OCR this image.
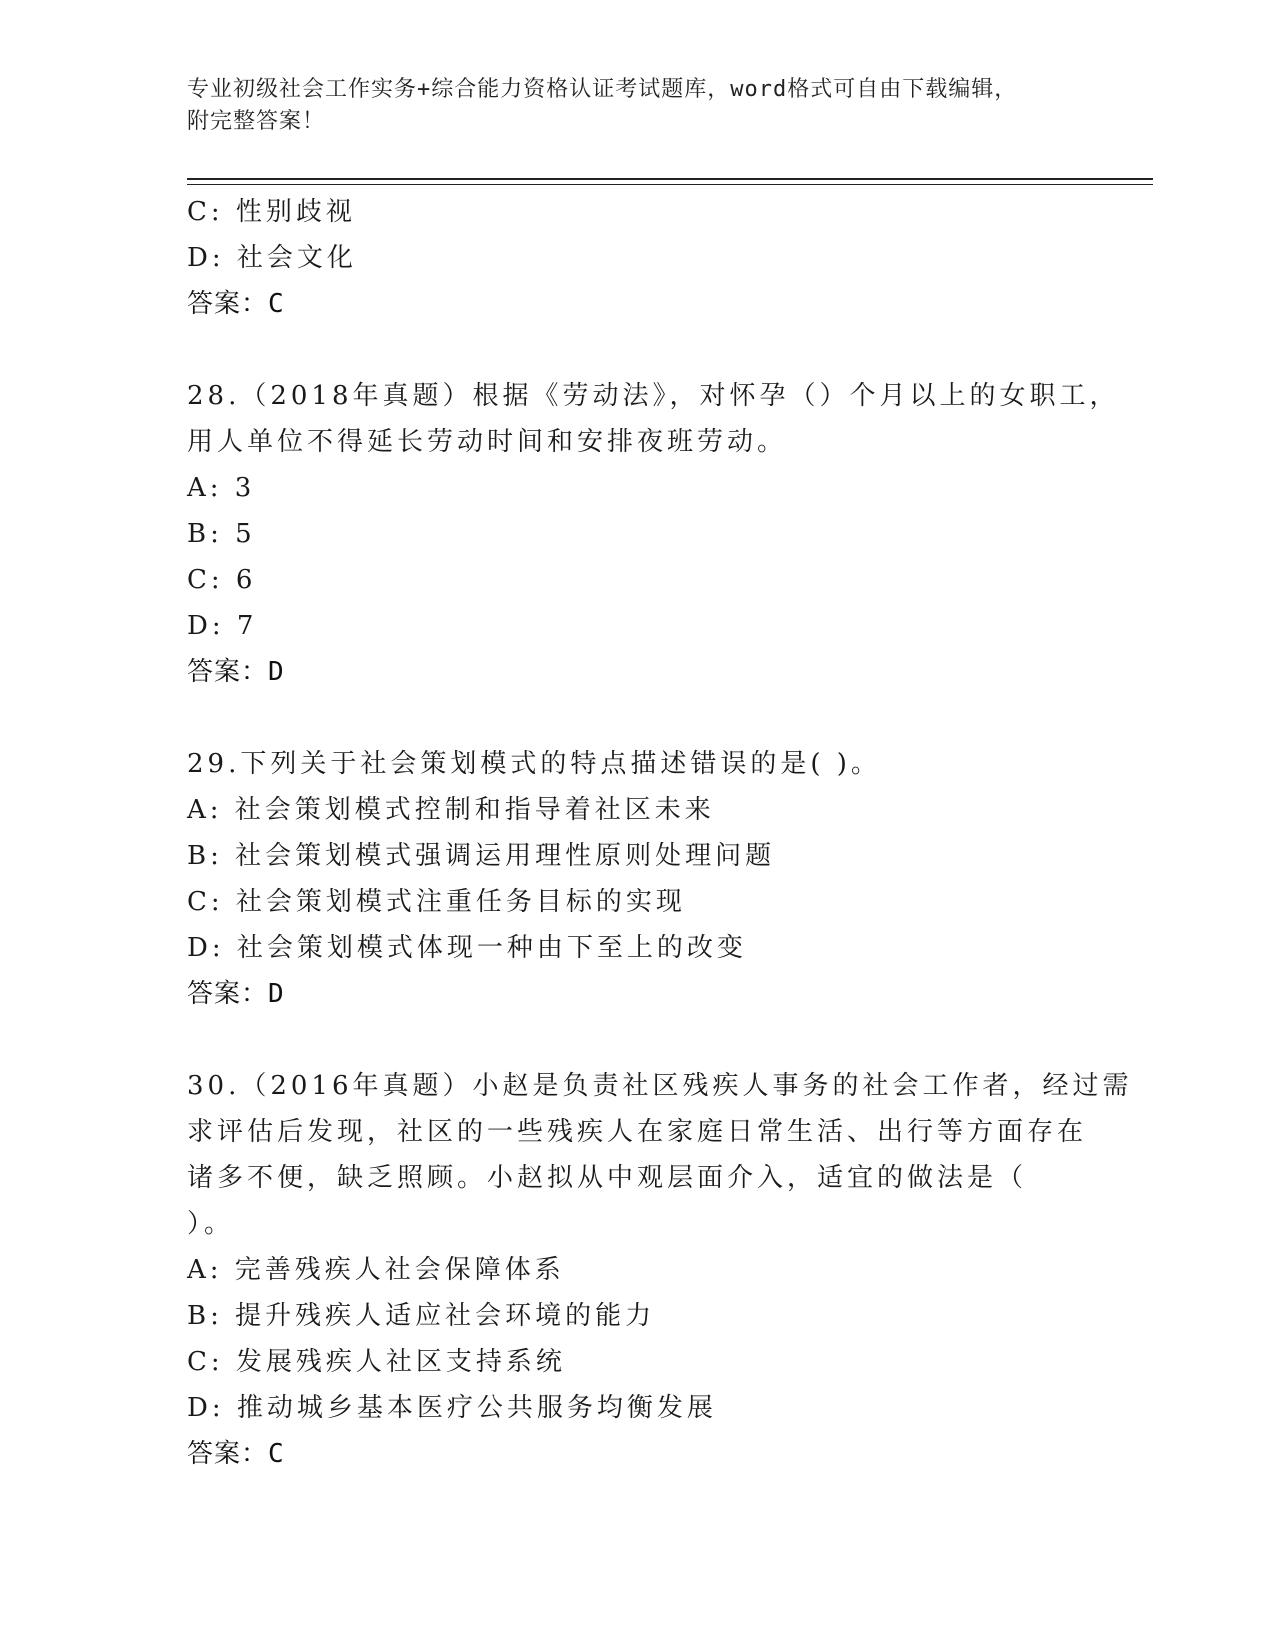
专业初级社会工作实务+综合能力资格认证考试题库，word格式可自由下载编辑，
附完整答案！
C: 性别歧视
D: 社会文化
答案：C
28.（2018年真题）根据《劳动法》，对怀孕（）个月以上的女职工，
用人单位不得延长劳动时间和安排夜班劳动。
A: 3
B: 5
C: 6
D: 7
答案：D
29.下列关于社会策划模式的特点描述错误的是( )。
A: 社会策划模式控制和指导着社区未来
B: 社会策划模式强调运用理性原则处理问题
C: 社会策划模式注重任务目标的实现
D: 社会策划模式体现一种由下至上的改变
答案：D
30.（2016年真题）小赵是负责社区残疾人事务的社会工作者，经过需
求评估后发现，社区的一些残疾人在家庭日常生活、出行等方面存在
诸多不便，缺乏照顾。小赵拟从中观层面介入，适宜的做法是（
）。
A: 完善残疾人社会保障体系
B: 提升残疾人适应社会环境的能力
C: 发展残疾人社区支持系统
D: 推动城乡基本医疗公共服务均衡发展
答案：C
